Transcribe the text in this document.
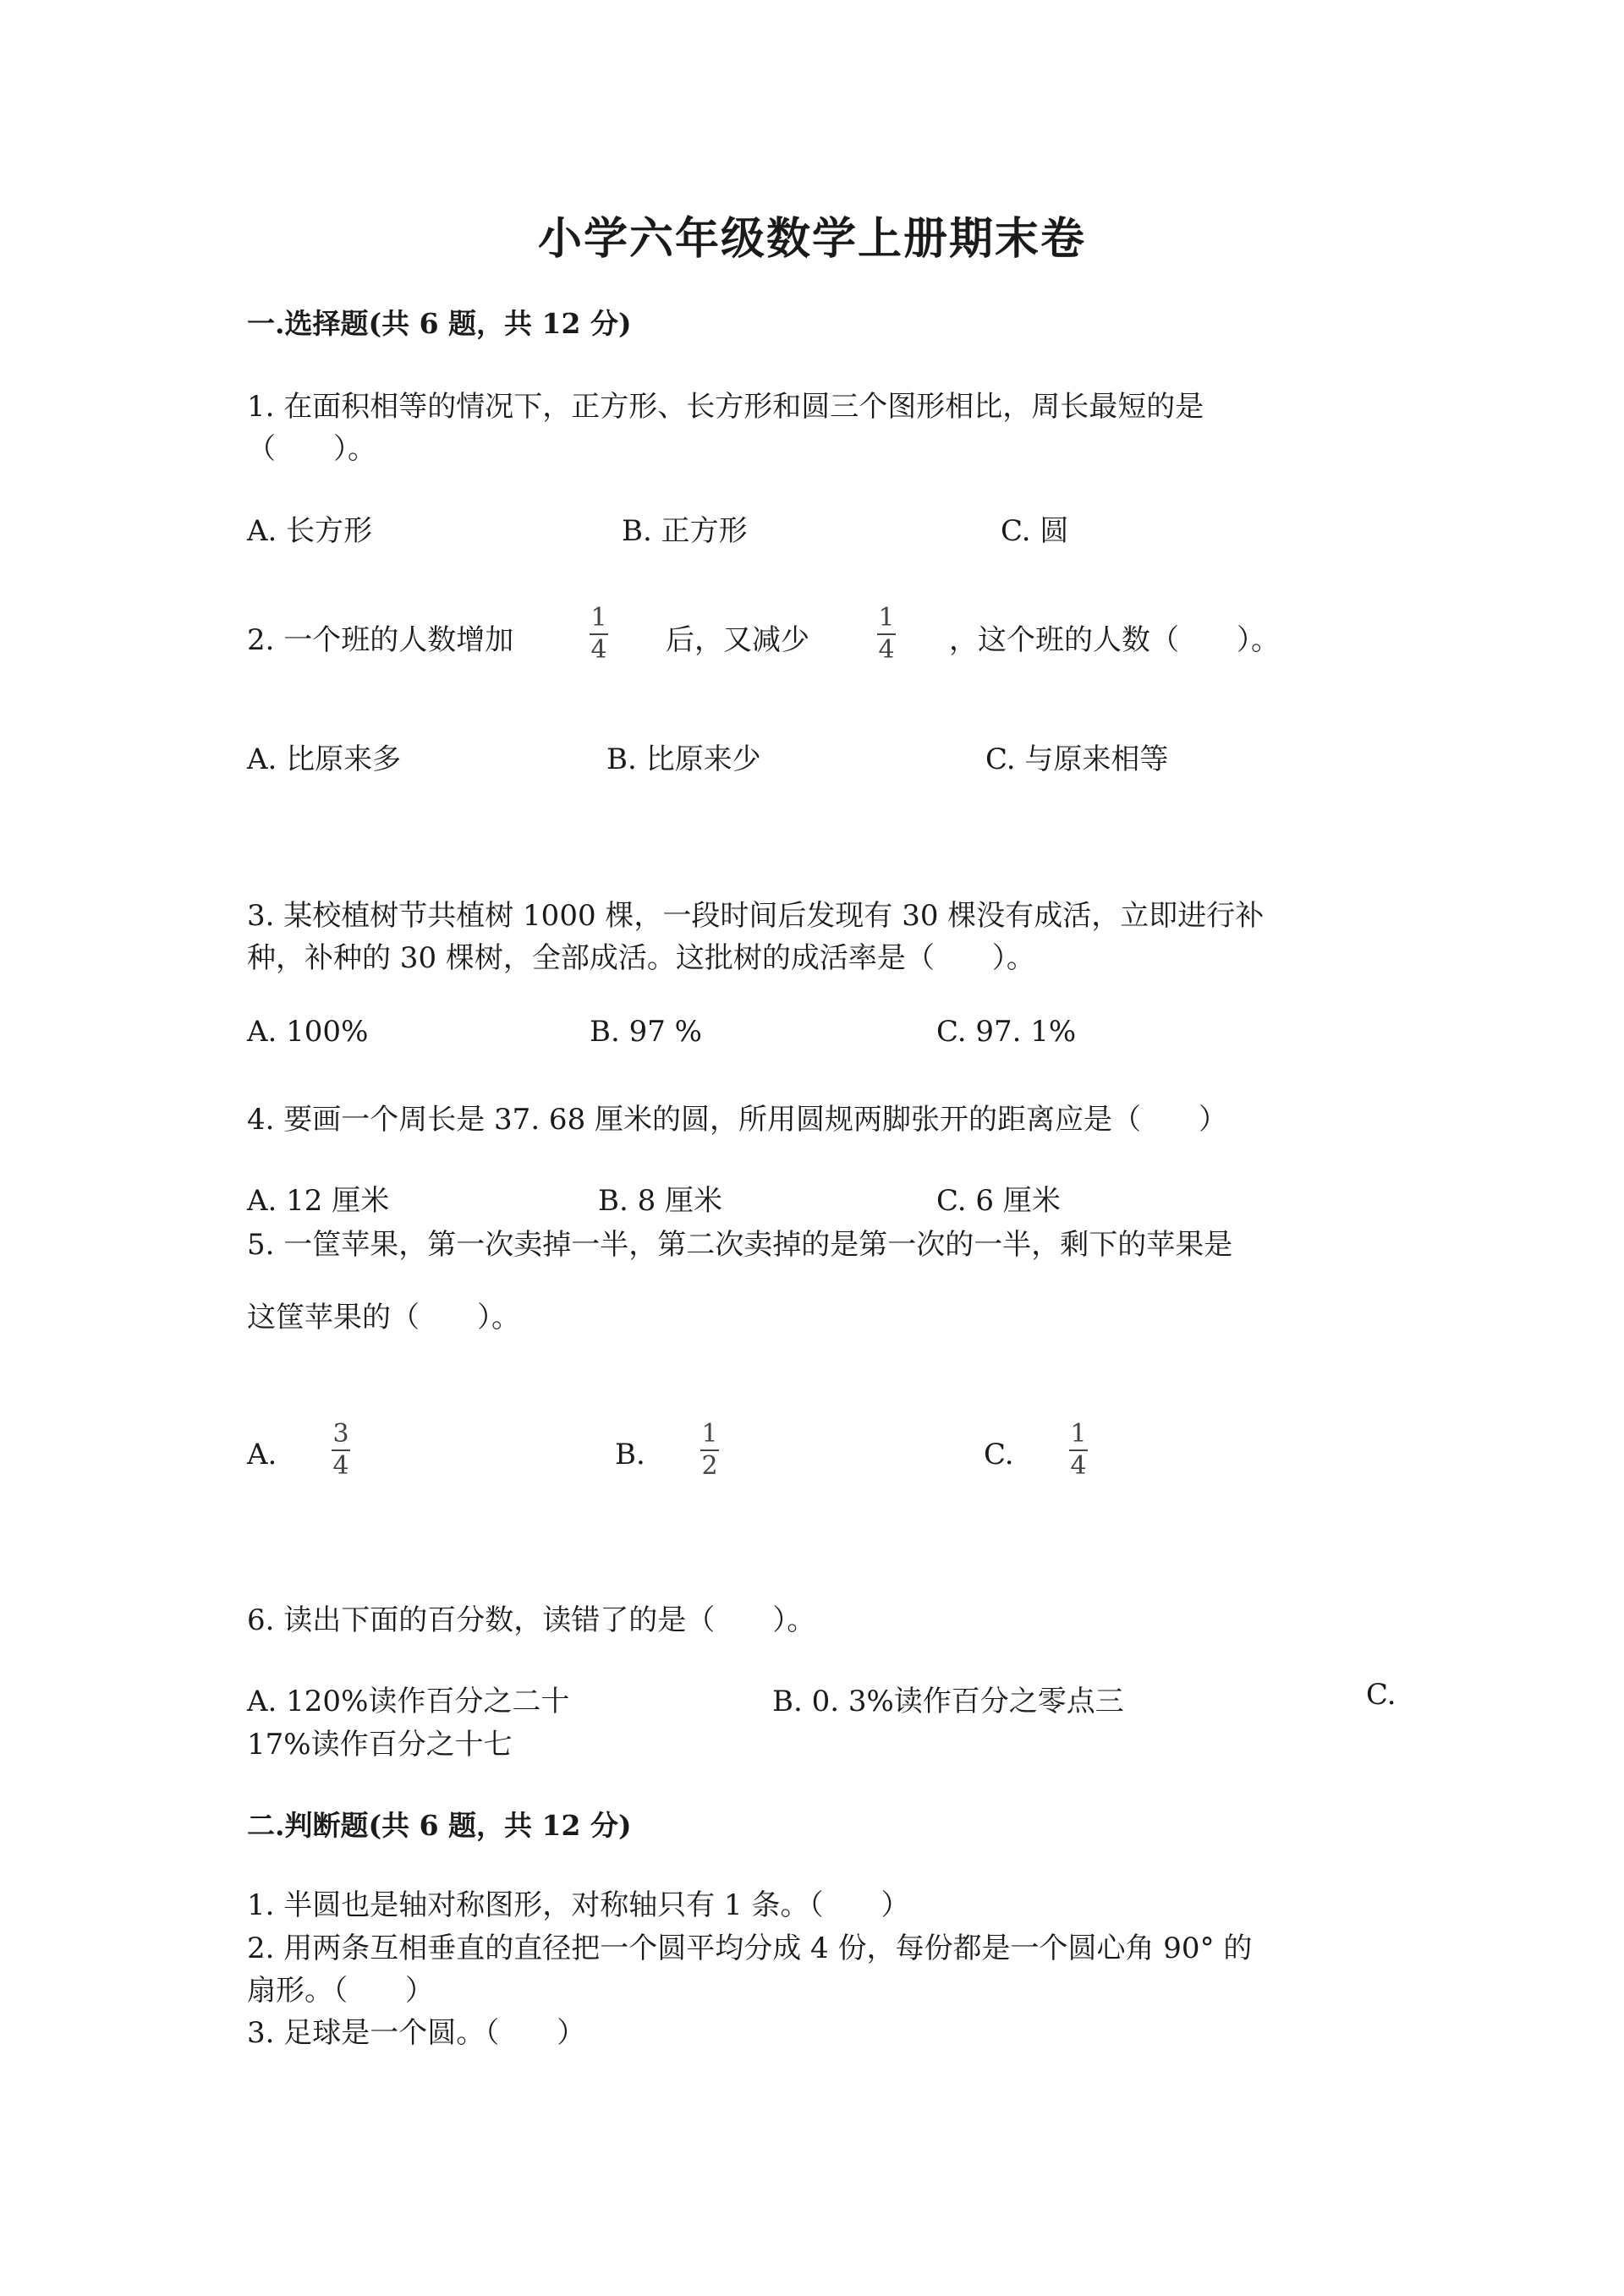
小学六年级数学上册期末卷
一.选择题(共 6 题，共 12 分)
1. 在面积相等的情况下，正方形、长方形和圆三个图形相比，周长最短的是
（　　）。
A. 长方形	B. 正方形	C. 圆
2. 一个班的人数增加
1
4 后，又减少
1
4 ，这个班的人数（　　）。
A. 比原来多	B. 比原来少	C. 与原来相等
3. 某校植树节共植树 1000 棵，一段时间后发现有 30 棵没有成活，立即进行补
种，补种的 30 棵树，全部成活。这批树的成活率是（　　）。
A. 100%	B. 97 %	C. 97. 1%
4. 要画一个周长是 37. 68 厘米的圆，所用圆规两脚张开的距离应是（　　）
A. 12 厘米	B. 8 厘米	C. 6 厘米
5. 一筐苹果，第一次卖掉一半，第二次卖掉的是第一次的一半，剩下的苹果是
这筐苹果的（　　）。
A.
3
4	B.
1
2	C.
1
4
6. 读出下面的百分数，读错了的是（　　）。
A. 120%读作百分之二十	B. 0. 3%读作百分之零点三	C.
17%读作百分之十七
二.判断题(共 6 题，共 12 分)
1. 半圆也是轴对称图形，对称轴只有 1 条。（　　）
2. 用两条互相垂直的直径把一个圆平均分成 4 份，每份都是一个圆心角 90° 的
扇形。（　　）
3. 足球是一个圆。（　　）
